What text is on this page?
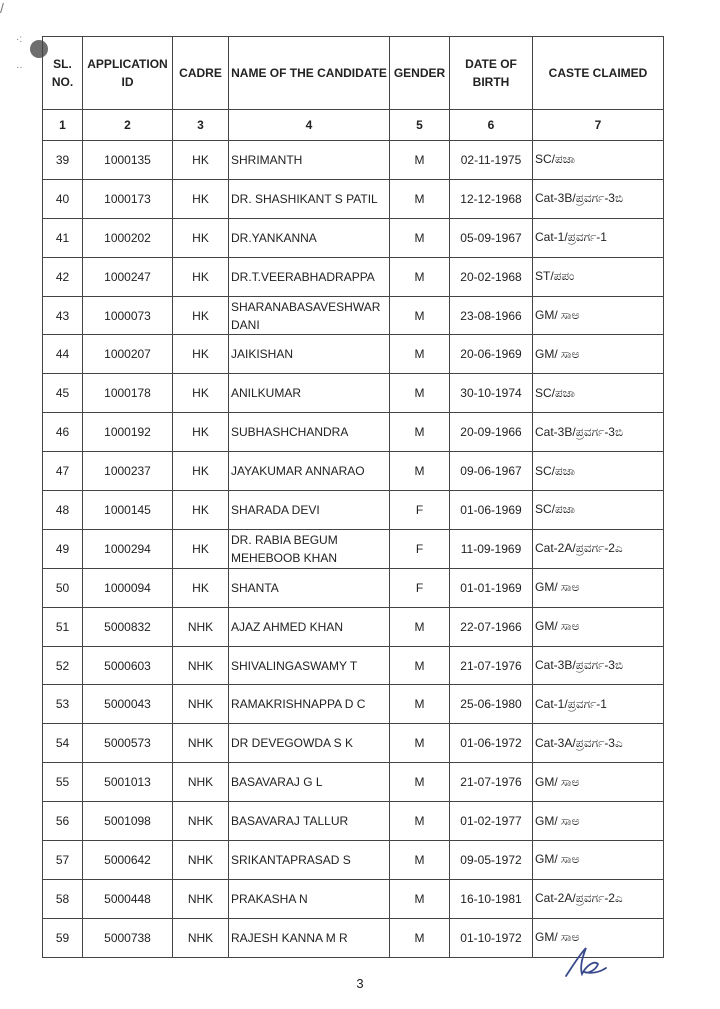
/
·:
··	SL. NO.	APPLICATION ID	CADRE	NAME OF THE CANDIDATE	GENDER	DATE OF BIRTH	CASTE CLAIMED
1	2	3	4	5	6	7
39	1000135	HK	SHRIMANTH	M	02-11-1975	SC/ಪಜಾ
40	1000173	HK	DR. SHASHIKANT S PATIL	M	12-12-1968	Cat-3B/ಪ್ರವರ್ಗ-3ಬಿ
41	1000202	HK	DR.YANKANNA	M	05-09-1967	Cat-1/ಪ್ರವರ್ಗ-1
42	1000247	HK	DR.T.VEERABHADRAPPA	M	20-02-1968	ST/ಪಪಂ
43	1000073	HK	SHARANABASAVESHWAR DANI	M	23-08-1966	GM/ ಸಾಅ
44	1000207	HK	JAIKISHAN	M	20-06-1969	GM/ ಸಾಅ
45	1000178	HK	ANILKUMAR	M	30-10-1974	SC/ಪಜಾ
46	1000192	HK	SUBHASHCHANDRA	M	20-09-1966	Cat-3B/ಪ್ರವರ್ಗ-3ಬಿ
47	1000237	HK	JAYAKUMAR ANNARAO	M	09-06-1967	SC/ಪಜಾ
48	1000145	HK	SHARADA DEVI	F	01-06-1969	SC/ಪಜಾ
49	1000294	HK	DR. RABIA BEGUM MEHEBOOB KHAN	F	11-09-1969	Cat-2A/ಪ್ರವರ್ಗ-2ಎ
50	1000094	HK	SHANTA	F	01-01-1969	GM/ ಸಾಅ
51	5000832	NHK	AJAZ AHMED KHAN	M	22-07-1966	GM/ ಸಾಅ
52	5000603	NHK	SHIVALINGASWAMY T	M	21-07-1976	Cat-3B/ಪ್ರವರ್ಗ-3ಬಿ
53	5000043	NHK	RAMAKRISHNAPPA D C	M	25-06-1980	Cat-1/ಪ್ರವರ್ಗ-1
54	5000573	NHK	DR DEVEGOWDA S K	M	01-06-1972	Cat-3A/ಪ್ರವರ್ಗ-3ಎ
55	5001013	NHK	BASAVARAJ G L	M	21-07-1976	GM/ ಸಾಅ
56	5001098	NHK	BASAVARAJ TALLUR	M	01-02-1977	GM/ ಸಾಅ
57	5000642	NHK	SRIKANTAPRASAD S	M	09-05-1972	GM/ ಸಾಅ
58	5000448	NHK	PRAKASHA N	M	16-10-1981	Cat-2A/ಪ್ರವರ್ಗ-2ಎ
59	5000738	NHK	RAJESH KANNA M R	M	01-10-1972	GM/ ಸಾಅ
3
